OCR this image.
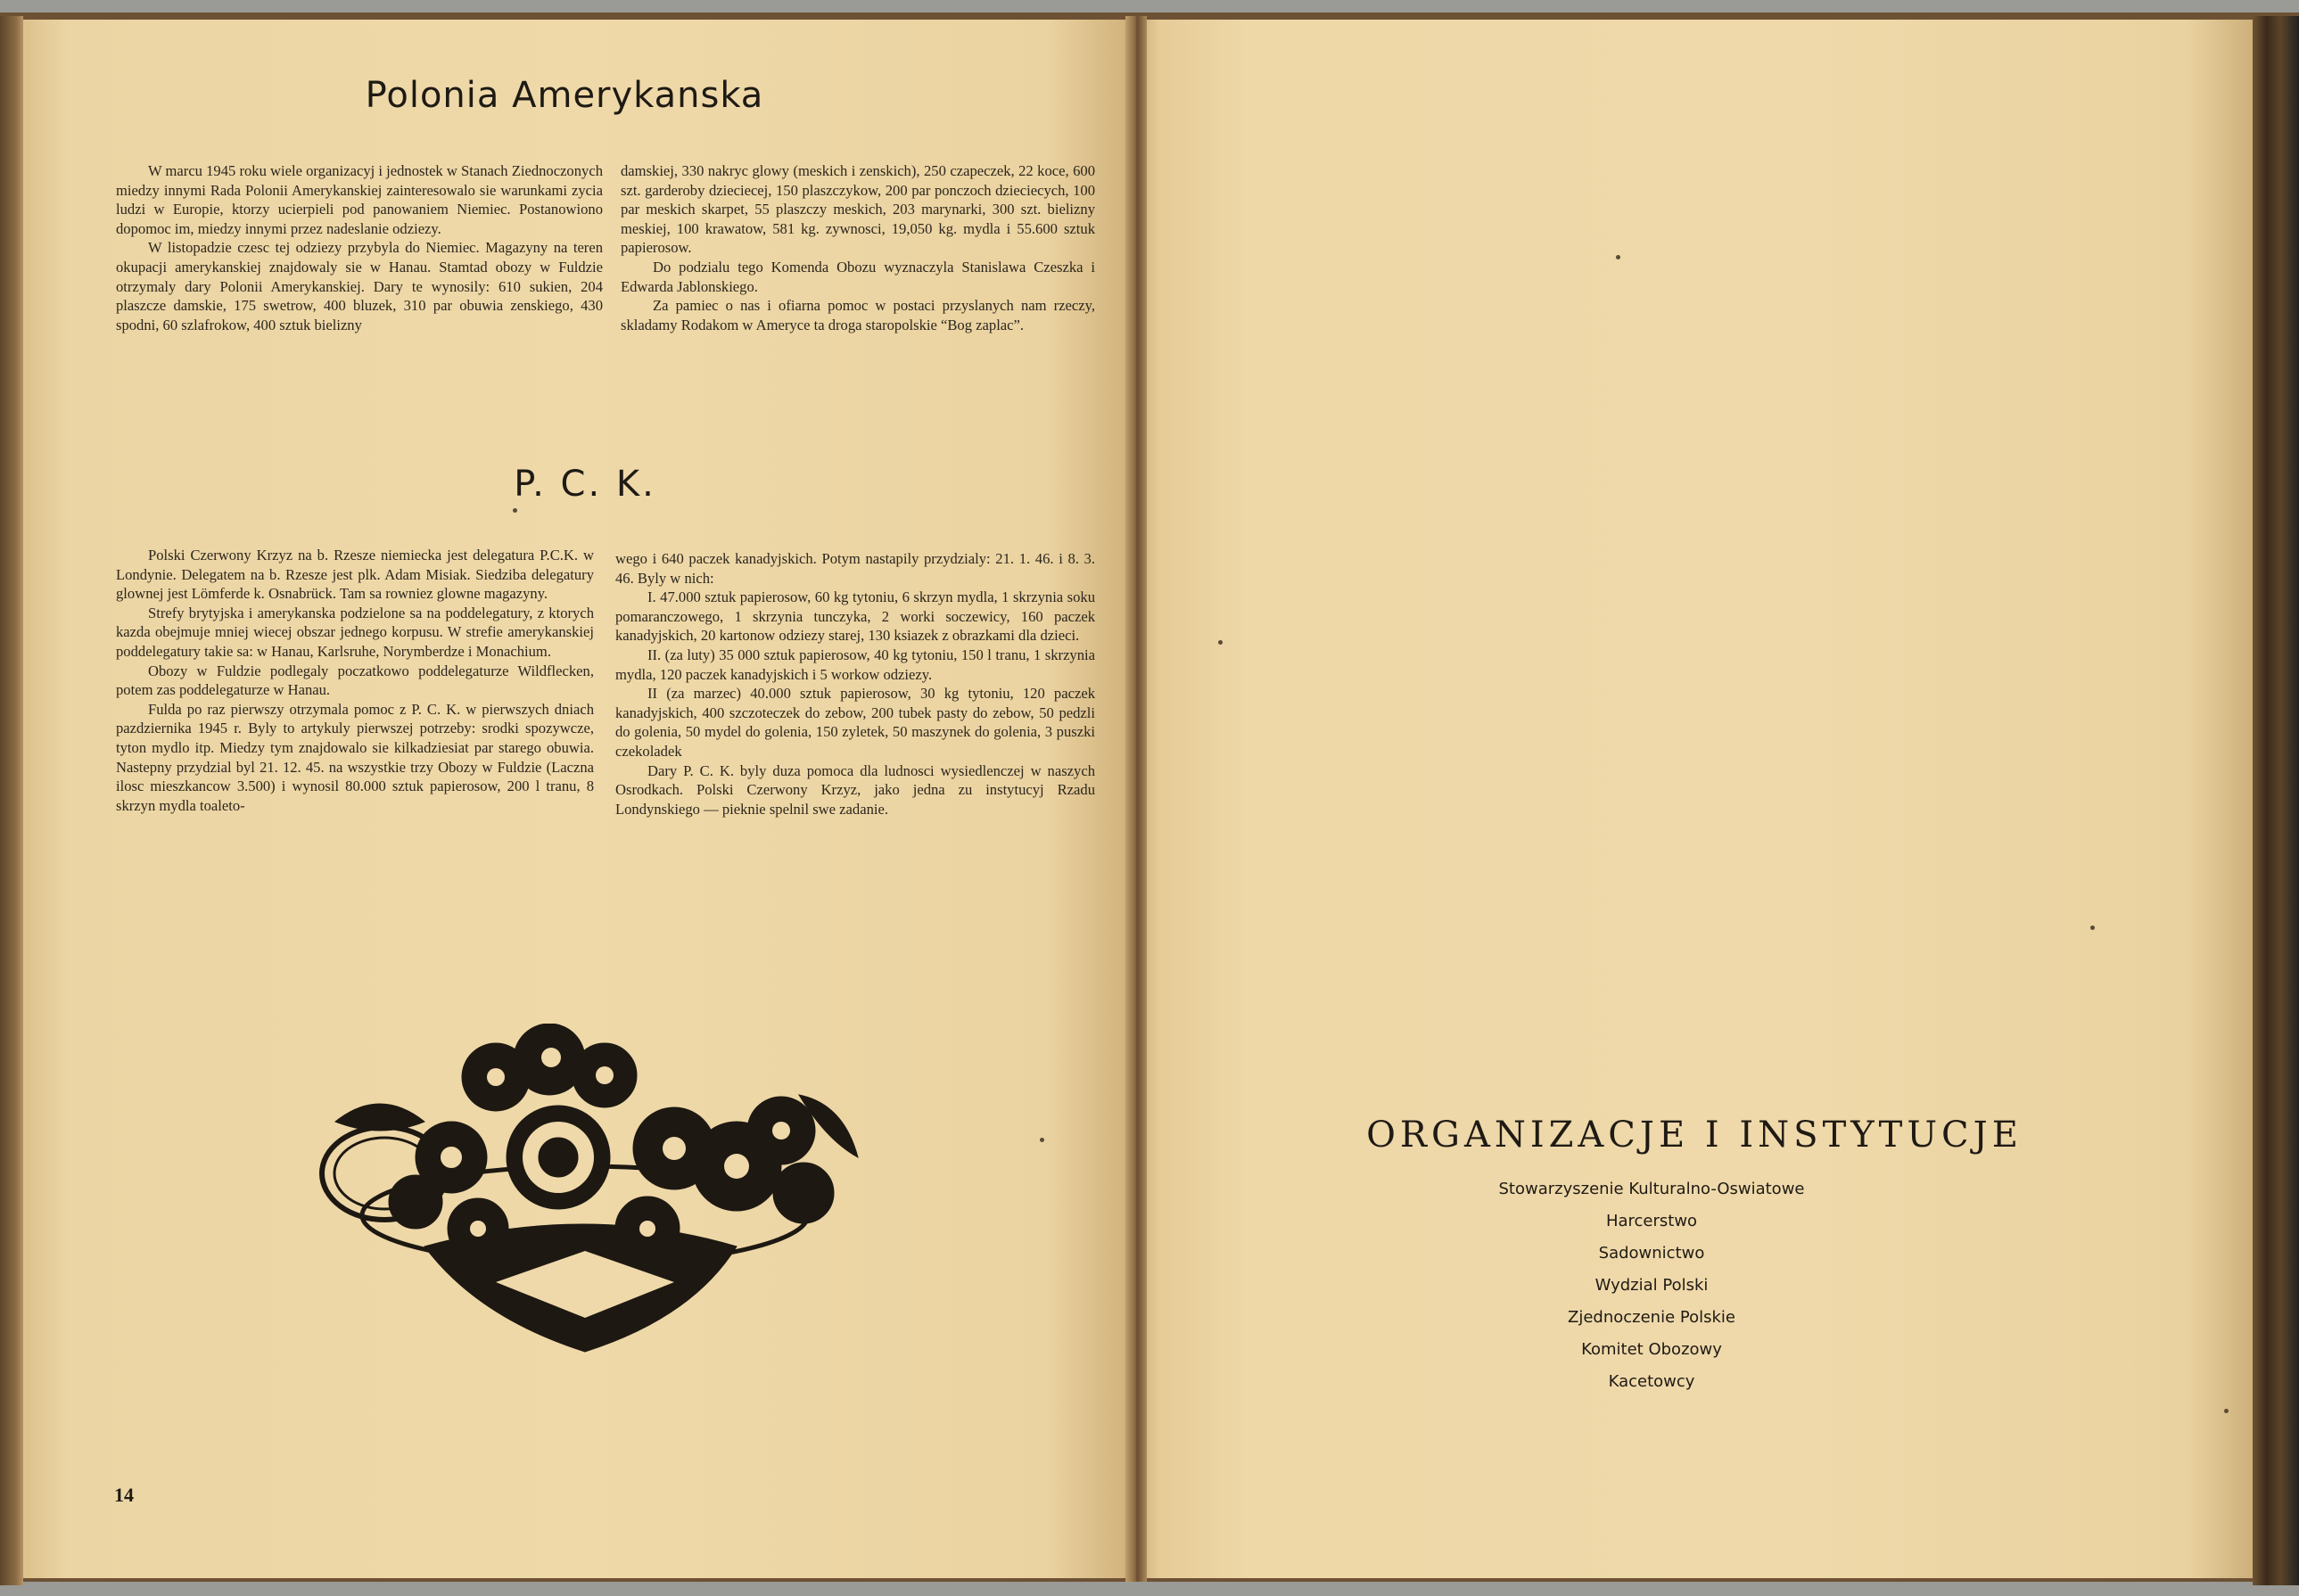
Polonia Amerykanska

W marcu 1945 roku wiele organizacyj i jednostek w Stanach Ziednoczonych miedzy innymi Rada Polonii Amerykanskiej zainteresowalo sie warunkami zycia ludzi w Europie, ktorzy ucierpieli pod panowaniem Niemiec. Postanowiono dopomoc im, miedzy innymi przez nadeslanie odziezy.

W listopadzie czesc tej odziezy przybyla do Niemiec. Magazyny na teren okupacji amerykanskiej znajdowaly sie w Hanau. Stamtad obozy w Fuldzie otrzymaly dary Polonii Amerykanskiej. Dary te wynosily: 610 sukien, 204 plaszcze damskie, 175 swetrow, 400 bluzek, 310 par obuwia zenskiego, 430 spodni, 60 szlafrokow, 400 sztuk bielizny

damskiej, 330 nakryc glowy (meskich i zenskich), 250 czapeczek, 22 koce, 600 szt. garderoby dzieciecej, 150 plaszczykow, 200 par ponczoch dzieciecych, 100 par meskich skarpet, 55 plaszczy meskich, 203 marynarki, 300 szt. bielizny meskiej, 100 krawatow, 581 kg. zywnosci, 19,050 kg. mydla i 55.600 sztuk papierosow.

Do podzialu tego Komenda Obozu wyznaczyla Stanislawa Czeszka i Edwarda Jablonskiego.

Za pamiec o nas i ofiarna pomoc w postaci przyslanych nam rzeczy, skladamy Rodakom w Ameryce ta droga staropolskie “Bog zaplac”.

P. C. K.

Polski Czerwony Krzyz na b. Rzesze niemiecka jest delegatura P.C.K. w Londynie. Delegatem na b. Rzesze jest plk. Adam Misiak. Siedziba delegatury glownej jest Lömferde k. Osnabrück. Tam sa rowniez glowne magazyny.

Strefy brytyjska i amerykanska podzielone sa na poddelegatury, z ktorych kazda obejmuje mniej wiecej obszar jednego korpusu. W strefie amerykanskiej poddelegatury takie sa: w Hanau, Karlsruhe, Norymberdze i Monachium.

Obozy w Fuldzie podlegaly poczatkowo poddelegaturze Wildflecken, potem zas poddelegaturze w Hanau.

Fulda po raz pierwszy otrzymala pomoc z P. C. K. w pierwszych dniach pazdziernika 1945 r. Byly to artykuly pierwszej potrzeby: srodki spozywcze, tyton mydlo itp. Miedzy tym znajdowalo sie kilkadziesiat par starego obuwia. Nastepny przydzial byl 21. 12. 45. na wszystkie trzy Obozy w Fuldzie (Laczna ilosc mieszkancow 3.500) i wynosil 80.000 sztuk papierosow, 200 l tranu, 8 skrzyn mydla toaleto-

wego i 640 paczek kanadyjskich. Potym nastapily przydzialy: 21. 1. 46. i 8. 3. 46. Byly w nich:

I. 47.000 sztuk papierosow, 60 kg tytoniu, 6 skrzyn mydla, 1 skrzynia soku pomaranczowego, 1 skrzynia tunczyka, 2 worki soczewicy, 160 paczek kanadyjskich, 20 kartonow odziezy starej, 130 ksiazek z obrazkami dla dzieci.

II. (za luty) 35 000 sztuk papierosow, 40 kg tytoniu, 150 l tranu, 1 skrzynia mydla, 120 paczek kanadyjskich i 5 workow odziezy.

II (za marzec) 40.000 sztuk papierosow, 30 kg tytoniu, 120 paczek kanadyjskich, 400 szczoteczek do zebow, 200 tubek pasty do zebow, 50 pedzli do golenia, 50 mydel do golenia, 150 zyletek, 50 maszynek do golenia, 3 puszki czekoladek

Dary P. C. K. byly duza pomoca dla ludnosci wysiedlenczej w naszych Osrodkach. Polski Czerwony Krzyz, jako jedna zu instytucyj Rzadu Londynskiego — pieknie spelnil swe zadanie.

14
ORGANIZACJE I INSTYTUCJE
Stowarzyszenie Kulturalno-Oswiatowe
Harcerstwo
Sadownictwo
Wydzial Polski
Zjednoczenie Polskie
Komitet Obozowy
Kacetowcy
